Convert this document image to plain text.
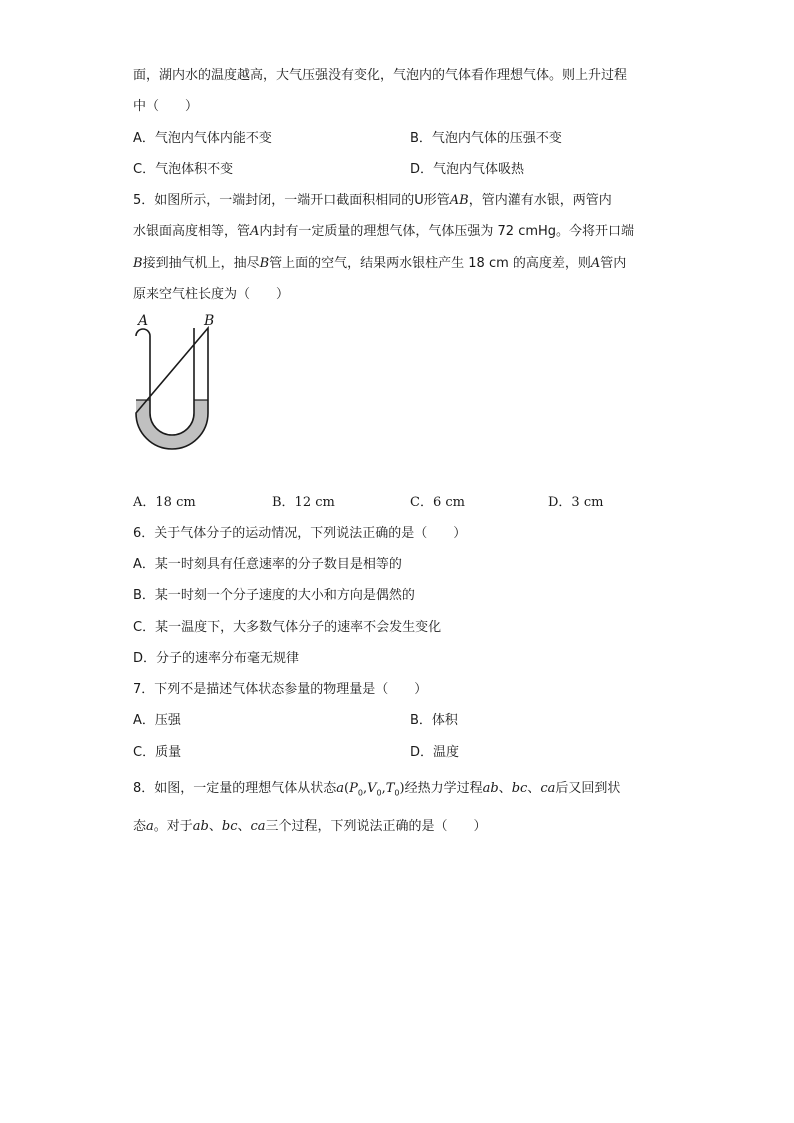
面，湖内水的温度越高，大气压强没有变化，气泡内的气体看作理想气体。则上升过程
中（　　）
A．气泡内气体内能不变	B．气泡内气体的压强不变
C．气泡体积不变	D．气泡内气体吸热
5．如图所示，一端封闭，一端开口截面积相同的U形管AB，管内灌有水银，两管内
水银面高度相等，管A内封有一定质量的理想气体，气体压强为 72 cmHg。今将开口端
B接到抽气机上，抽尽B管上面的空气，结果两水银柱产生 18 cm 的高度差，则A管内
原来空气柱长度为（　　）
A	B
A．18 cm	B．12 cm	C．6 cm	D．3 cm
6．关于气体分子的运动情况，下列说法正确的是（　　）
A．某一时刻具有任意速率的分子数目是相等的
B．某一时刻一个分子速度的大小和方向是偶然的
C．某一温度下，大多数气体分子的速率不会发生变化
D．分子的速率分布毫无规律
7．下列不是描述气体状态参量的物理量是（　　）
A．压强	B．体积
C．质量	D．温度
8．如图，一定量的理想气体从状态$a(P_0,V_0,T_0)$经热力学过程ab、bc、ca后又回到状
态a。对于ab、bc、ca三个过程，下列说法正确的是（　　）
